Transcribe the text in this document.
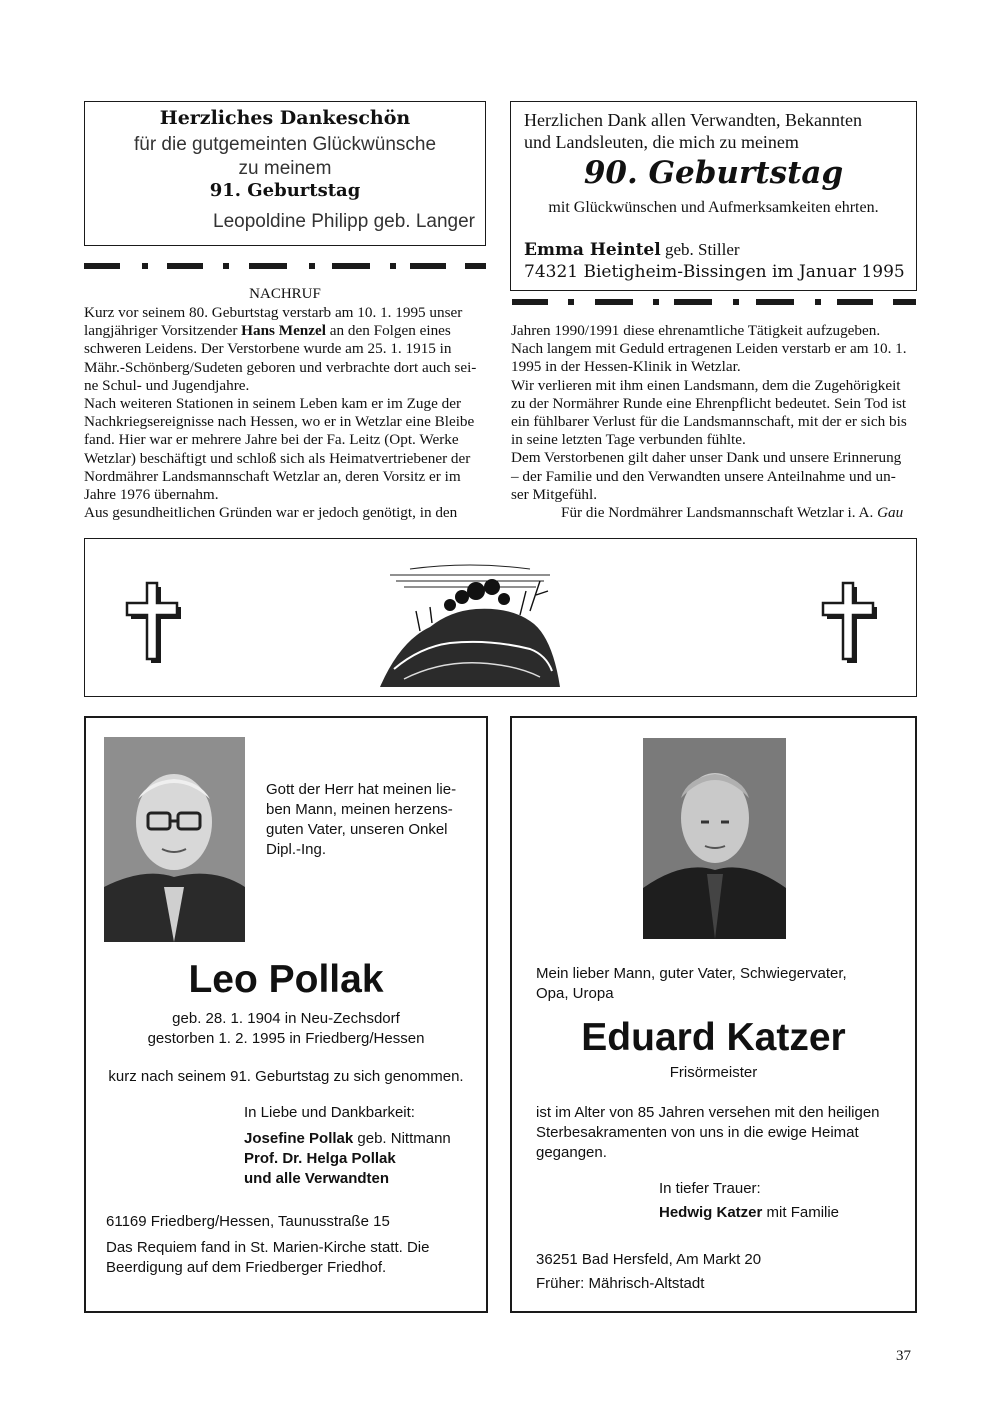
Herzliches Dankeschön
für die gutgemeinten Glückwünsche
zu meinem
91. Geburtstag
Leopoldine Philipp geb. Langer
Herzlichen Dank allen Verwandten, Bekannten
und Landsleuten, die mich zu meinem
90. Geburtstag
mit Glückwünschen und Aufmerksamkeiten ehrten.
Emma Heintel geb. Stiller
74321 Bietigheim-Bissingen im Januar 1995
NACHRUF
Kurz vor seinem 80. Geburtstag verstarb am 10. 1. 1995 unser
langjähriger Vorsitzender Hans Menzel an den Folgen eines
schweren Leidens. Der Verstorbene wurde am 25. 1. 1915 in
Mähr.-Schönberg/Sudeten geboren und verbrachte dort auch sei-
ne Schul- und Jugendjahre.
Nach weiteren Stationen in seinem Leben kam er im Zuge der
Nachkriegsereignisse nach Hessen, wo er in Wetzlar eine Bleibe
fand. Hier war er mehrere Jahre bei der Fa. Leitz (Opt. Werke
Wetzlar) beschäftigt und schloß sich als Heimatvertriebener der
Nordmährer Landsmannschaft Wetzlar an, deren Vorsitz er im
Jahre 1976 übernahm.
Aus gesundheitlichen Gründen war er jedoch genötigt, in den
Jahren 1990/1991 diese ehrenamtliche Tätigkeit aufzugeben.
Nach langem mit Geduld ertragenen Leiden verstarb er am 10. 1.
1995 in der Hessen-Klinik in Wetzlar.
Wir verlieren mit ihm einen Landsmann, dem die Zugehörigkeit
zu der Normährer Runde eine Ehrenpflicht bedeutet. Sein Tod ist
ein fühlbarer Verlust für die Landsmannschaft, mit der er sich bis
in seine letzten Tage verbunden fühlte.
Dem Verstorbenen gilt daher unser Dank und unsere Erinnerung
– der Familie und den Verwandten unsere Anteilnahme und un-
ser Mitgefühl.
Für die Nordmährer Landsmannschaft Wetzlar i. A. Gau
Gott der Herr hat meinen lie-
ben Mann, meinen herzens-
guten Vater, unseren Onkel
Dipl.-Ing.
Leo Pollak
geb. 28. 1. 1904 in Neu-Zechsdorf
gestorben 1. 2. 1995 in Friedberg/Hessen
kurz nach seinem 91. Geburtstag zu sich genommen.
In Liebe und Dankbarkeit:
Josefine Pollak geb. Nittmann
Prof. Dr. Helga Pollak
und alle Verwandten
61169 Friedberg/Hessen, Taunusstraße 15
Das Requiem fand in St. Marien-Kirche statt. Die
Beerdigung auf dem Friedberger Friedhof.
Mein lieber Mann, guter Vater, Schwiegervater,
Opa, Uropa
Eduard Katzer
Frisörmeister
ist im Alter von 85 Jahren versehen mit den heiligen
Sterbesakramenten von uns in die ewige Heimat
gegangen.
In tiefer Trauer:
Hedwig Katzer mit Familie
36251 Bad Hersfeld, Am Markt 20
Früher: Mährisch-Altstadt
37
